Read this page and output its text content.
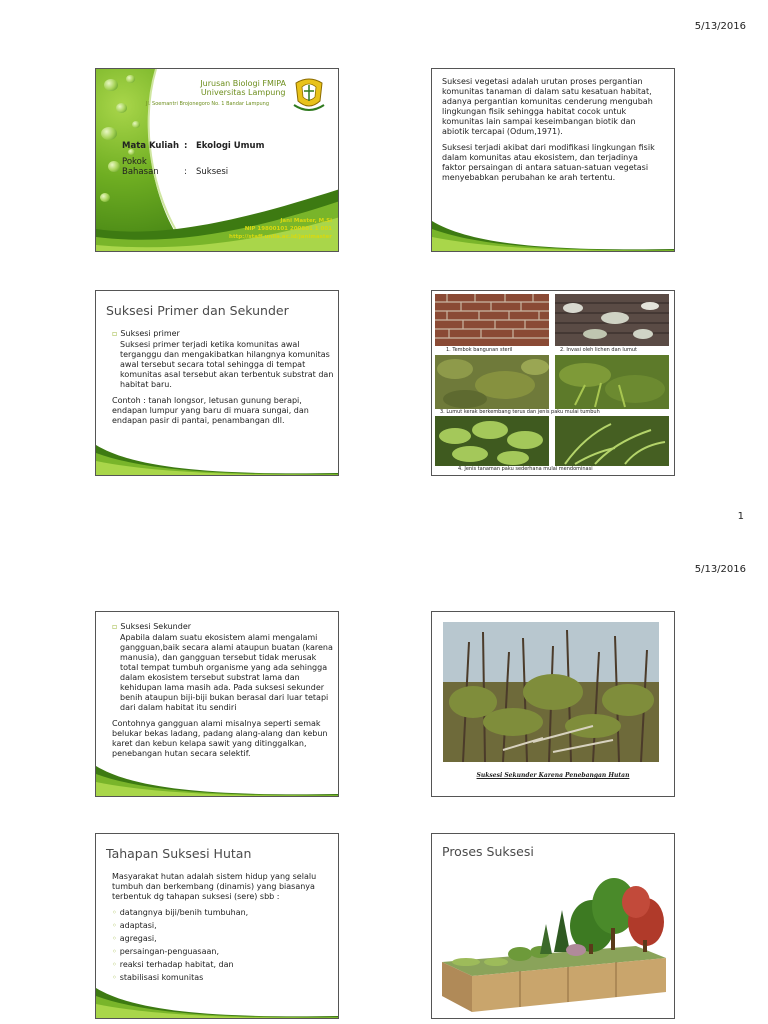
5/13/2016
1
5/13/2016
Jurusan Biologi FMIPA
Universitas Lampung
Jl. Soemantri Brojonegoro No. 1 Bandar Lampung
Mata Kuliah : Ekologi Umum
Pokok Bahasan	: Suksesi
Jani Master, M.Si
NIP 19800101 200801 1 001
http://staff.unila.ac.id/janimaster

Suksesi vegetasi adalah urutan proses pergantian komunitas tanaman di dalam satu kesatuan habitat, adanya pergantian komunitas cenderung mengubah lingkungan fisik sehingga habitat cocok untuk komunitas lain sampai keseimbangan biotik dan abiotik tercapai (Odum,1971).

Suksesi terjadi akibat dari modifikasi lingkungan fisik dalam komunitas atau ekosistem, dan terjadinya faktor persaingan di antara satuan-satuan vegetasi menyebabkan perubahan ke arah tertentu.

Suksesi Primer dan Sekunder
▫ Suksesi primer

Suksesi primer terjadi ketika komunitas awal terganggu dan mengakibatkan hilangnya komunitas awal tersebut secara total sehingga di tempat komunitas asal tersebut akan terbentuk substrat dan habitat baru.

Contoh : tanah longsor, letusan gunung berapi, endapan lumpur yang baru di muara sungai, dan endapan pasir di pantai, penambangan dll.

1. Tembok bangunan steril	2. Invasi oleh lichen dan lumut
3. Lumut kerak berkembang terus dan jenis paku mulai tumbuh
4. Jenis tanaman paku sederhana mulai mendominasi
▫ Suksesi Sekunder

Apabila dalam suatu ekosistem alami mengalami gangguan,baik secara alami ataupun buatan (karena manusia), dan gangguan tersebut tidak merusak total tempat tumbuh organisme yang ada sehingga dalam ekosistem tersebut substrat lama dan kehidupan lama masih ada. Pada suksesi sekunder benih ataupun biji-biji bukan berasal dari luar tetapi dari dalam habitat itu sendiri

Contohnya gangguan alami misalnya seperti semak belukar bekas ladang, padang alang-alang dan kebun karet dan kebun kelapa sawit yang ditinggalkan, penebangan hutan secara selektif.

Suksesi Sekunder Karena Penebangan Hutan
Tahapan Suksesi Hutan

Masyarakat hutan adalah sistem hidup yang selalu tumbuh dan berkembang (dinamis) yang biasanya terbentuk dg tahapan suksesi (sere) sbb :

◦ datangnya biji/benih tumbuhan,
◦ adaptasi,
◦ agregasi,
◦ persaingan-penguasaan,
◦ reaksi terhadap habitat, dan
◦ stabilisasi komunitas
Proses Suksesi
